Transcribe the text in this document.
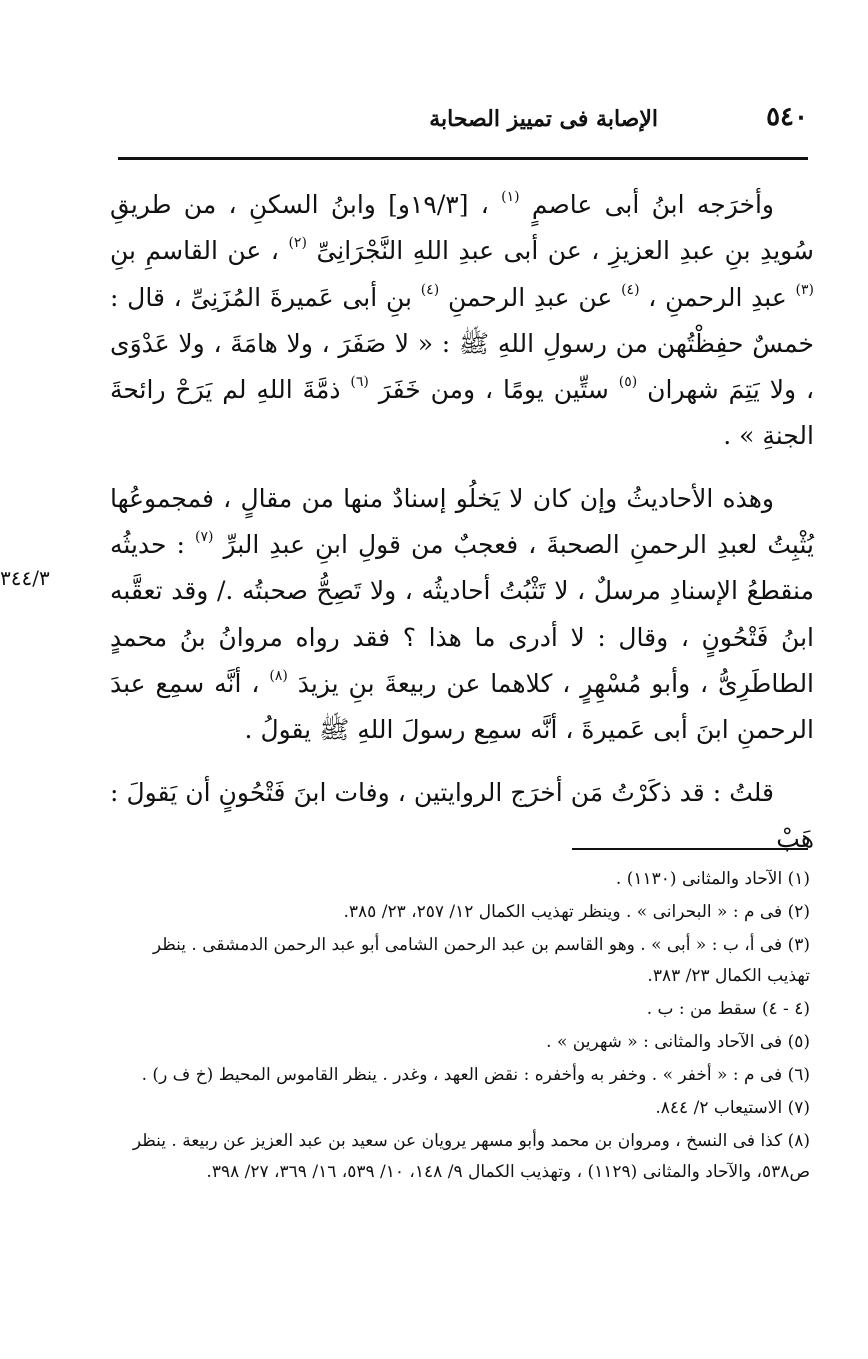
٥٤٠
الإصابة فى تمييز الصحابة
٣٤٤/٣

وأخرَجه ابنُ أبى عاصمٍ $^{(١)}$ ، [١٩/٣و] وابنُ السكنِ ، من طريقِ سُويدِ بنِ عبدِ العزيزِ ، عن أبى عبدِ اللهِ النَّجْرَانِىِّ $^{(٢)}$ ، عن القاسمِ بنِ $^{(٣)}$ عبدِ الرحمنِ ، $^{(٤)}$ عن عبدِ الرحمنِ $^{(٤)}$ بنِ أبى عَميرةَ المُزَنِىِّ ، قال : خمسٌ حفِظْتُهن من رسولِ اللهِ ﷺ : « لا صَفَرَ ، ولا هامَةَ ، ولا عَدْوَى ، ولا يَتِمَ شهران $^{(٥)}$ ستِّين يومًا ، ومن خَفَرَ $^{(٦)}$ ذمَّةَ اللهِ لم يَرَحْ رائحةَ الجنةِ » .

وهذه الأحاديثُ وإن كان لا يَخلُو إسنادٌ منها من مقالٍ ، فمجموعُها يُثْبِتُ لعبدِ الرحمنِ الصحبةَ ، فعجبٌ من قولِ ابنِ عبدِ البرِّ $^{(٧)}$ : حديثُه منقطعُ الإسنادِ مرسلٌ ، لا تَثْبُتُ أحاديثُه ، ولا تَصِحُّ صحبتُه ./ وقد تعقَّبه ابنُ فَتْحُونٍ ، وقال : لا أدرى ما هذا ؟ فقد رواه مروانُ بنُ محمدٍ الطاطَرِىُّ ، وأبو مُسْهِرٍ ، كلاهما عن ربيعةَ بنِ يزيدَ $^{(٨)}$ ، أنَّه سمِع عبدَ الرحمنِ ابنَ أبى عَميرةَ ، أنَّه سمِع رسولَ اللهِ ﷺ يقولُ .

قلتُ : قد ذكَرْتُ مَن أخرَج الروايتين ، وفات ابنَ فَتْحُونٍ أن يَقولَ : هَبْ

(١) الآحاد والمثانى (١١٣٠) .
(٢) فى م : « البحرانى » . وينظر تهذيب الكمال ١٢/ ٢٥٧، ٢٣/ ٣٨٥.
(٣) فى أ، ب : « أبى » . وهو القاسم بن عبد الرحمن الشامى أبو عبد الرحمن الدمشقى . ينظر تهذيب الكمال ٢٣/ ٣٨٣.
(٤ - ٤) سقط من : ب .
(٥) فى الآحاد والمثانى : « شهرين » .
(٦) فى م : « أخفر » . وخفر به وأخفره : نقض العهد ، وغدر . ينظر القاموس المحيط (خ ف ر) .
(٧) الاستيعاب ٢/ ٨٤٤.
(٨) كذا فى النسخ ، ومروان بن محمد وأبو مسهر يرويان عن سعيد بن عبد العزيز عن ربيعة . ينظر ص٥٣٨، والآحاد والمثانى (١١٢٩) ، وتهذيب الكمال ٩/ ١٤٨، ١٠/ ٥٣٩، ١٦/ ٣٦٩، ٢٧/ ٣٩٨.
